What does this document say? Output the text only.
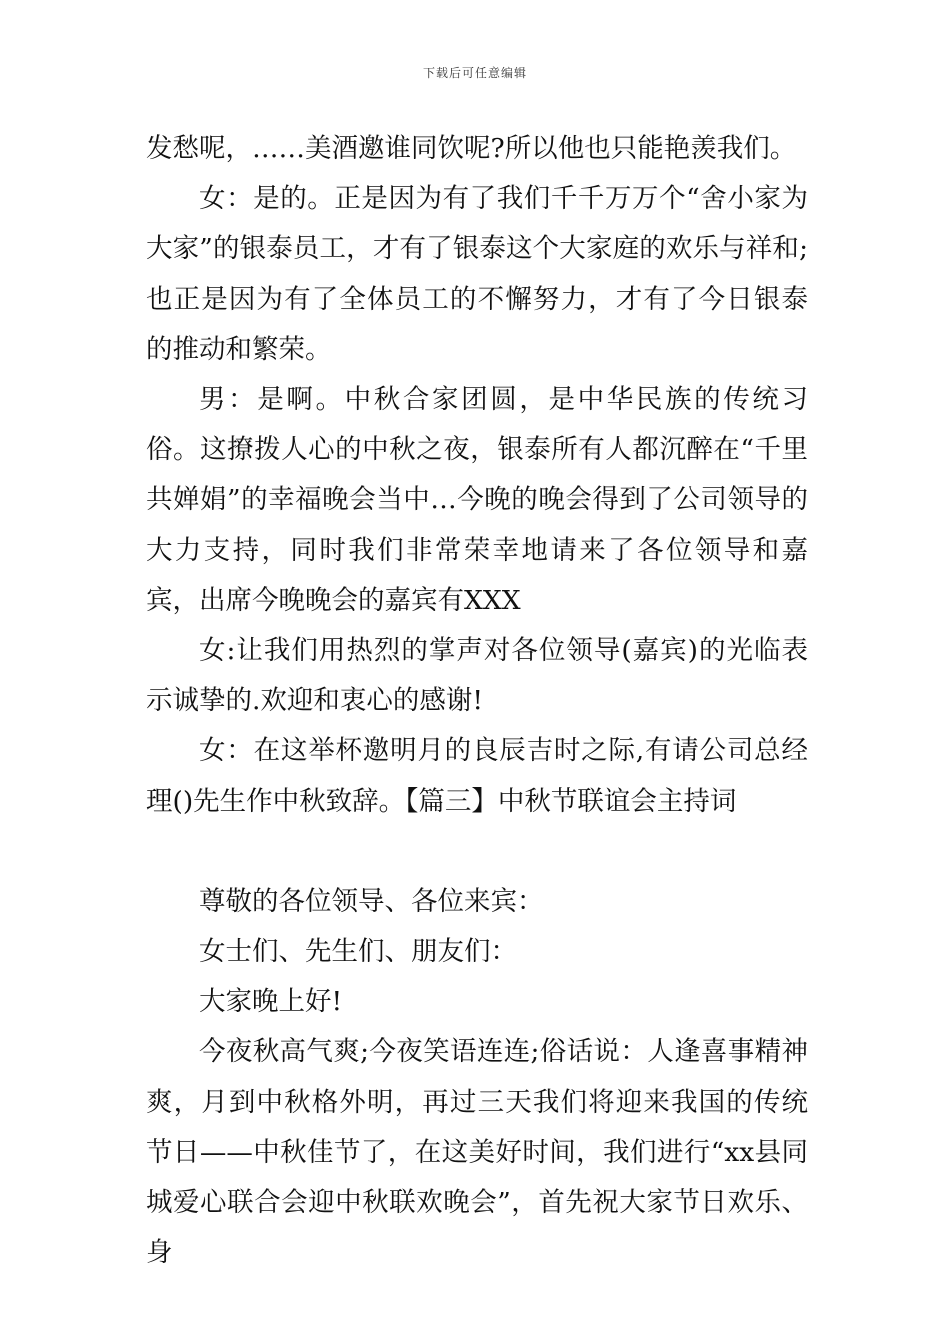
下载后可任意编辑

发愁呢，……美酒邀谁同饮呢?所以他也只能艳羡我们。

女：是的。正是因为有了我们千千万万个“舍小家为大家”的银泰员工，才有了银泰这个大家庭的欢乐与祥和;也正是因为有了全体员工的不懈努力，才有了今日银泰的推动和繁荣。

男：是啊。中秋合家团圆，是中华民族的传统习俗。这撩拨人心的中秋之夜，银泰所有人都沉醉在“千里共婵娟”的幸福晚会当中…今晚的晚会得到了公司领导的大力支持，同时我们非常荣幸地请来了各位领导和嘉宾，出席今晚晚会的嘉宾有XXX

女:让我们用热烈的掌声对各位领导(嘉宾)的光临表示诚挚的.欢迎和衷心的感谢!

女：在这举杯邀明月的良辰吉时之际,有请公司总经理()先生作中秋致辞。【篇三】中秋节联谊会主持词

尊敬的各位领导、各位来宾：

女士们、先生们、朋友们：

大家晚上好!

今夜秋高气爽;今夜笑语连连;俗话说：人逢喜事精神爽，月到中秋格外明，再过三天我们将迎来我国的传统节日——中秋佳节了，在这美好时间，我们进行“xx县同城爱心联合会迎中秋联欢晚会”，首先祝大家节日欢乐、身
